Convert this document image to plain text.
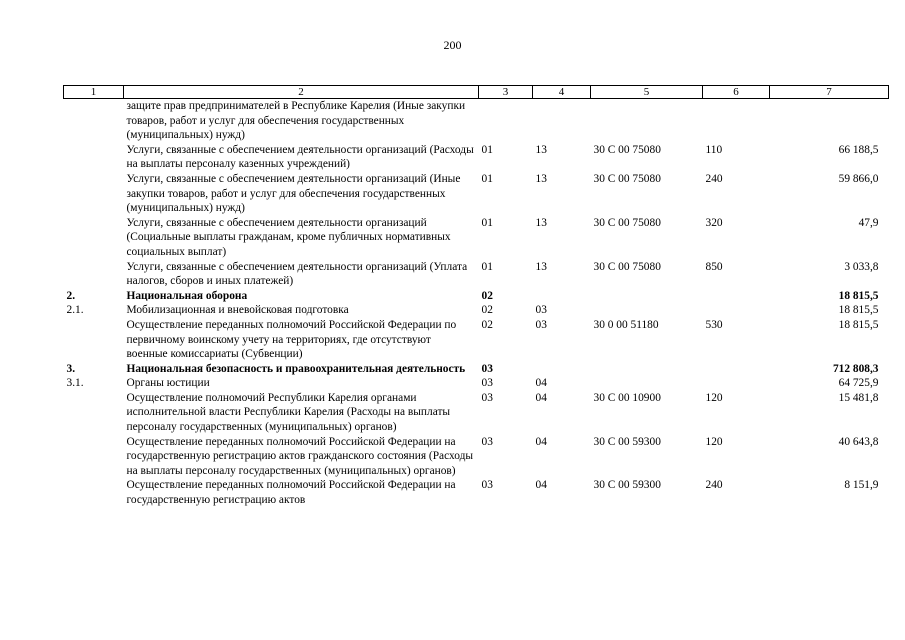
200
1	2	3	4	5	6	7
	защите прав предпринимателей в Республике Карелия (Иные закупки товаров, работ и услуг для обеспечения государственных (муниципальных) нужд)					
	Услуги, связанные с обеспечением деятельности организаций (Расходы на выплаты персоналу казенных учреждений)	01	13	30 С 00 75080	110	66 188,5
	Услуги, связанные с обеспечением деятельности организаций (Иные закупки товаров, работ и услуг для обеспечения государственных (муниципальных) нужд)	01	13	30 С 00 75080	240	59 866,0
	Услуги, связанные с обеспечением деятельности организаций (Социальные выплаты гражданам, кроме публичных нормативных социальных выплат)	01	13	30 С 00 75080	320	47,9
	Услуги, связанные с обеспечением деятельности организаций (Уплата налогов, сборов и иных платежей)	01	13	30 С 00 75080	850	3 033,8
2.	Национальная оборона	02				18 815,5
2.1.	Мобилизационная и вневойсковая подготовка	02	03			18 815,5
	Осуществление переданных полномочий Российской Федерации по первичному воинскому учету на территориях, где отсутствуют военные комиссариаты (Субвенции)	02	03	30 0 00 51180	530	18 815,5
3.	Национальная безопасность и правоохранительная деятельность	03				712 808,3
3.1.	Органы юстиции	03	04			64 725,9
	Осуществление полномочий Республики Карелия органами исполнительной власти Республики Карелия (Расходы на выплаты персоналу государственных (муниципальных) органов)	03	04	30 С 00 10900	120	15 481,8
	Осуществление переданных полномочий Российской Федерации на государственную регистрацию актов гражданского состояния (Расходы на выплаты персоналу государственных (муниципальных) органов)	03	04	30 С 00 59300	120	40 643,8
	Осуществление переданных полномочий Российской Федерации на государственную регистрацию актов	03	04	30 С 00 59300	240	8 151,9
